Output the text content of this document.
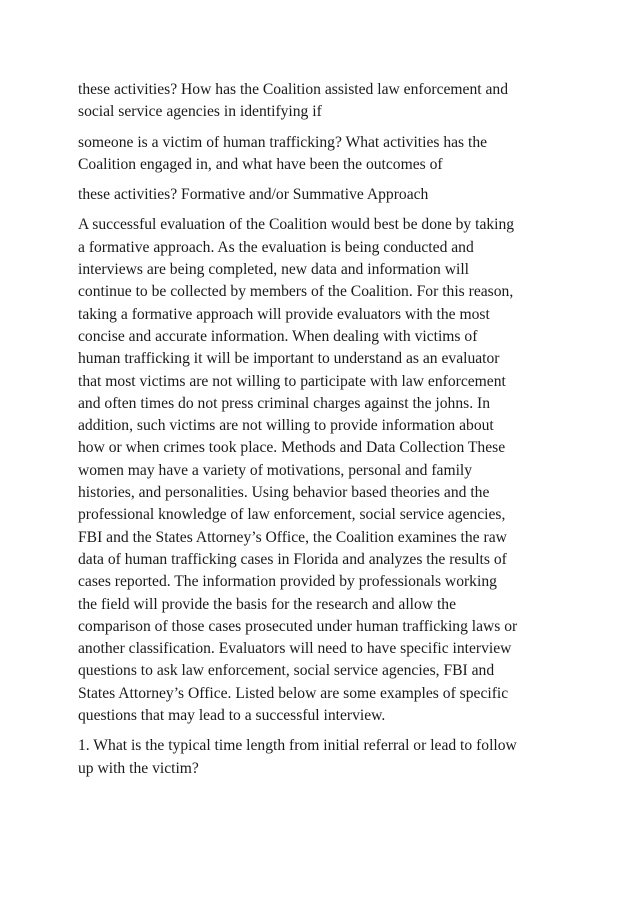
these activities? How has the Coalition assisted law enforcement and
social service agencies in identifying if

someone is a victim of human trafficking? What activities has the
Coalition engaged in, and what have been the outcomes of

these activities? Formative and/or Summative Approach

A successful evaluation of the Coalition would best be done by taking
a formative approach. As the evaluation is being conducted and
interviews are being completed, new data and information will
continue to be collected by members of the Coalition. For this reason,
taking a formative approach will provide evaluators with the most
concise and accurate information. When dealing with victims of
human trafficking it will be important to understand as an evaluator
that most victims are not willing to participate with law enforcement
and often times do not press criminal charges against the johns. In
addition, such victims are not willing to provide information about
how or when crimes took place. Methods and Data Collection These
women may have a variety of motivations, personal and family
histories, and personalities. Using behavior based theories and the
professional knowledge of law enforcement, social service agencies,
FBI and the States Attorney’s Office, the Coalition examines the raw
data of human trafficking cases in Florida and analyzes the results of
cases reported. The information provided by professionals working
the field will provide the basis for the research and allow the
comparison of those cases prosecuted under human trafficking laws or
another classification. Evaluators will need to have specific interview
questions to ask law enforcement, social service agencies, FBI and
States Attorney’s Office. Listed below are some examples of specific
questions that may lead to a successful interview.

1. What is the typical time length from initial referral or lead to follow
up with the victim?
